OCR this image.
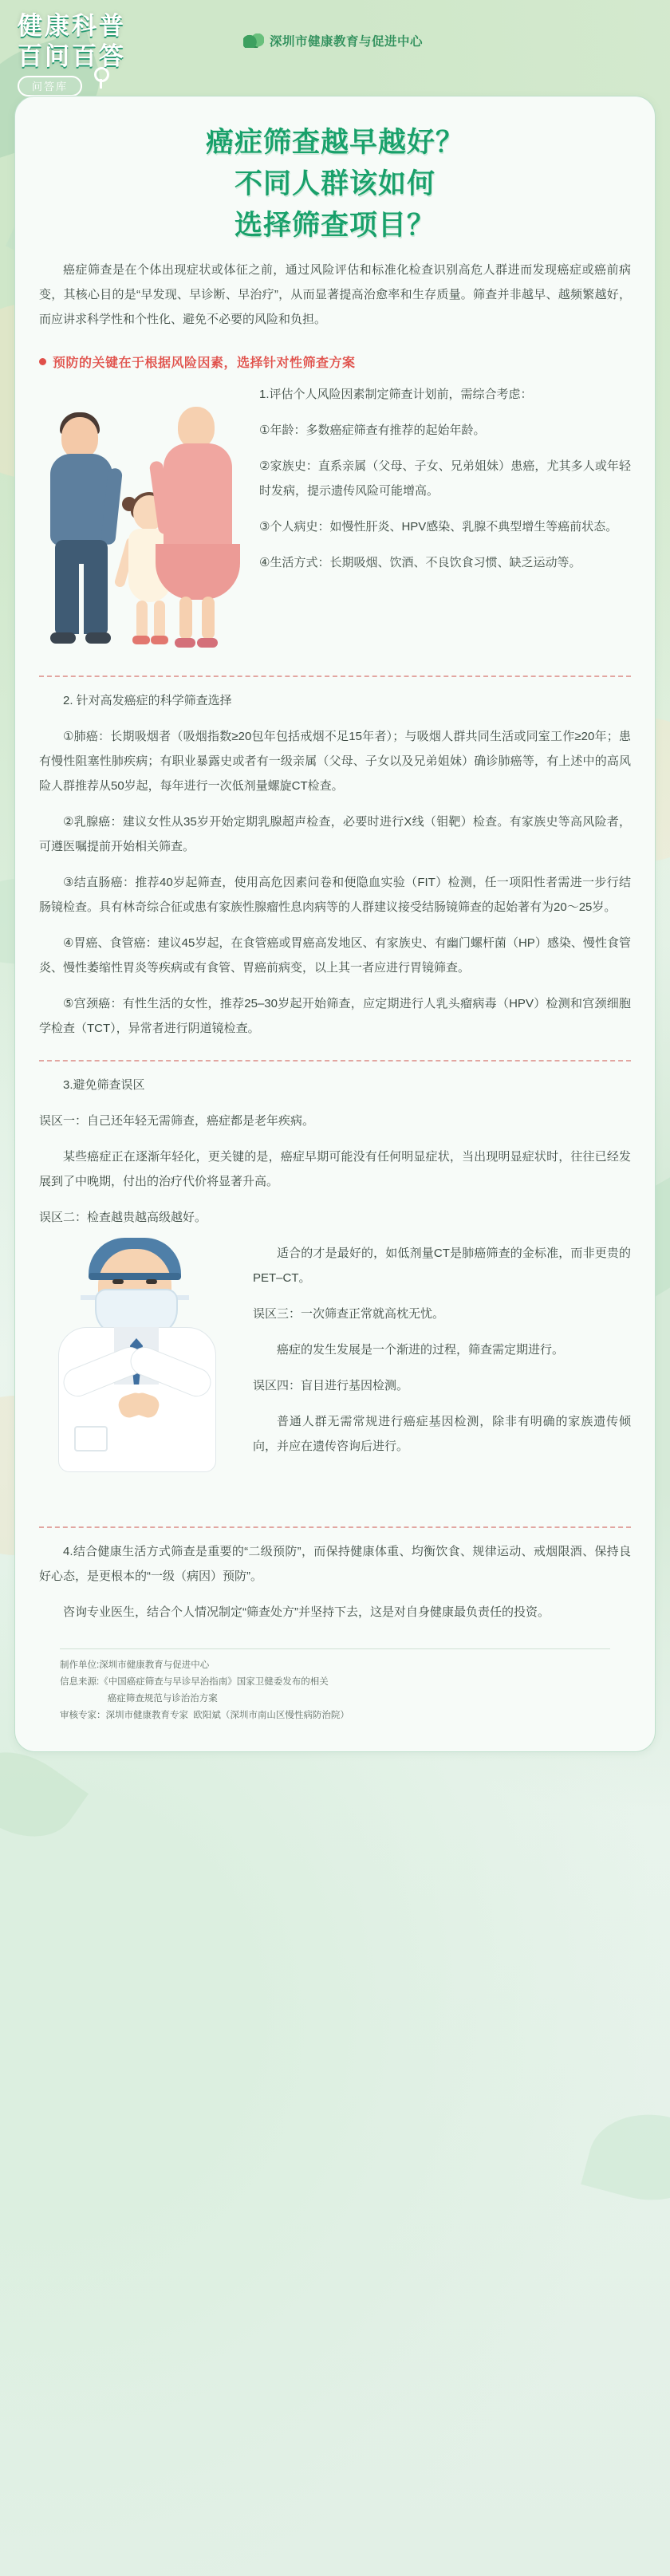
健康科普
百问百答
问答库
深圳市健康教育与促进中心
癌症筛查越早越好？
不同人群该如何
选择筛查项目？

癌症筛查是在个体出现症状或体征之前，通过风险评估和标准化检查识别高危人群进而发现癌症或癌前病变，其核心目的是“早发现、早诊断、早治疗”，从而显著提高治愈率和生存质量。筛查并非越早、越频繁越好，而应讲求科学性和个性化、避免不必要的风险和负担。

预防的关键在于根据风险因素，选择针对性筛查方案

1.评估个人风险因素制定筛查计划前，需综合考虑：

①年龄：多数癌症筛查有推荐的起始年龄。

②家族史：直系亲属（父母、子女、兄弟姐妹）患癌，尤其多人或年轻时发病，提示遗传风险可能增高。

③个人病史：如慢性肝炎、HPV感染、乳腺不典型增生等癌前状态。

④生活方式：长期吸烟、饮酒、不良饮食习惯、缺乏运动等。

2. 针对高发癌症的科学筛查选择

①肺癌：长期吸烟者（吸烟指数≥20包年包括戒烟不足15年者）；与吸烟人群共同生活或同室工作≥20年；患有慢性阻塞性肺疾病；有职业暴露史或者有一级亲属（父母、子女以及兄弟姐妹）确诊肺癌等，有上述中的高风险人群推荐从50岁起，每年进行一次低剂量螺旋CT检查。

②乳腺癌：建议女性从35岁开始定期乳腺超声检查，必要时进行X线（钼靶）检查。有家族史等高风险者，可遵医嘱提前开始相关筛查。

③结直肠癌：推荐40岁起筛查，使用高危因素问卷和便隐血实验（FIT）检测，任一项阳性者需进一步行结肠镜检查。具有林奇综合征或患有家族性腺瘤性息肉病等的人群建议接受结肠镜筛查的起始著有为20～25岁。

④胃癌、食管癌：建议45岁起，在食管癌或胃癌高发地区、有家族史、有幽门螺杆菌（HP）感染、慢性食管炎、慢性萎缩性胃炎等疾病或有食管、胃癌前病变，以上其一者应进行胃镜筛查。

⑤宫颈癌：有性生活的女性，推荐25–30岁起开始筛查，应定期进行人乳头瘤病毒（HPV）检测和宫颈细胞学检查（TCT），异常者进行阴道镜检查。

3.避免筛查误区

误区一：自己还年轻无需筛查，癌症都是老年疾病。

某些癌症正在逐渐年轻化，更关键的是，癌症早期可能没有任何明显症状，当出现明显症状时，往往已经发展到了中晚期，付出的治疗代价将显著升高。

误区二：检查越贵越高级越好。

适合的才是最好的，如低剂量CT是肺癌筛查的金标准，而非更贵的PET–CT。

误区三：一次筛查正常就高枕无忧。

癌症的发生发展是一个渐进的过程，筛查需定期进行。

误区四：盲目进行基因检测。

普通人群无需常规进行癌症基因检测，除非有明确的家族遗传倾向，并应在遗传咨询后进行。

4.结合健康生活方式筛查是重要的“二级预防”，而保持健康体重、均衡饮食、规律运动、戒烟限酒、保持良好心态，是更根本的“一级（病因）预防”。

咨询专业医生，结合个人情况制定“筛查处方”并坚持下去，这是对自身健康最负责任的投资。

制作单位:深圳市健康教育与促进中心
信息来源:《中国癌症筛查与早诊早治指南》国家卫健委发布的相关
癌症筛查规范与诊治治方案
审核专家：深圳市健康教育专家  欧阳斌（深圳市南山区慢性病防治院）
